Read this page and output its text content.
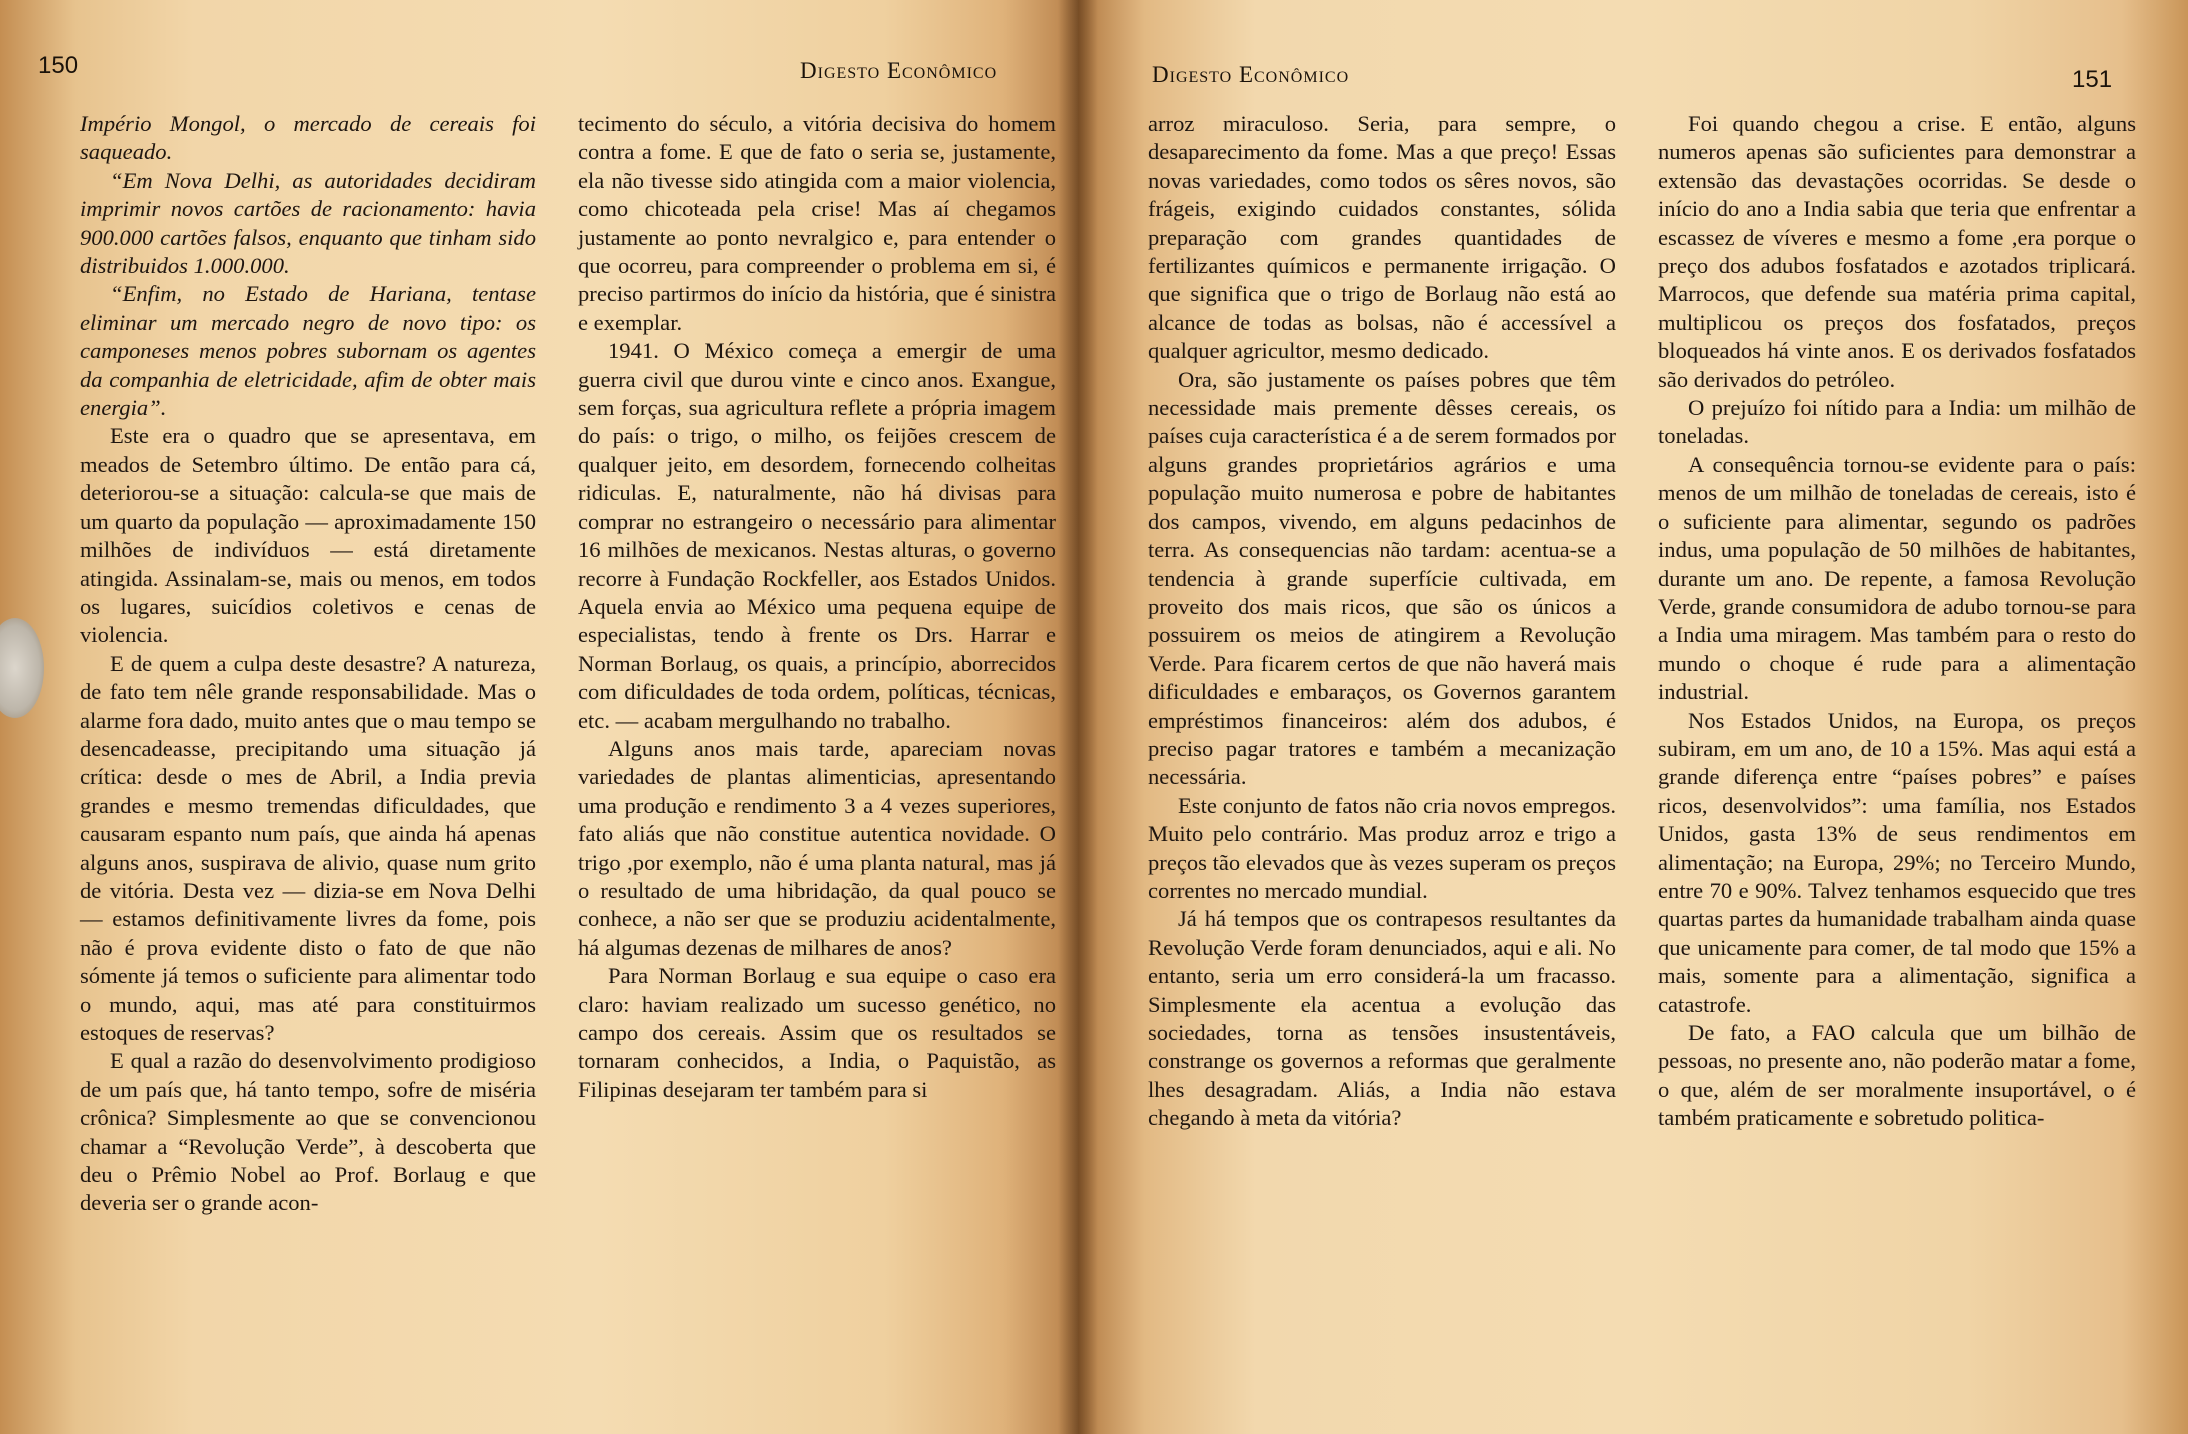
150	Digesto Econômico

Império Mongol, o mercado de cereais foi saqueado.

“Em Nova Delhi, as autoridades decidiram imprimir novos cartões de racionamento: havia 900.000 cartões falsos, enquanto que tinham sido distribuidos 1.000.000.

“Enfim, no Estado de Hariana, tentase eliminar um mercado negro de novo tipo: os camponeses menos pobres subornam os agentes da companhia de eletricidade, afim de obter mais energia”.

Este era o quadro que se apresentava, em meados de Setembro último. De então para cá, deteriorou-se a situação: calcula-se que mais de um quarto da população — aproximadamente 150 milhões de indivíduos — está diretamente atingida. Assinalam-se, mais ou menos, em todos os lugares, suicídios coletivos e cenas de violencia.

E de quem a culpa deste desastre? A natureza, de fato tem nêle grande responsabilidade. Mas o alarme fora dado, muito antes que o mau tempo se desencadeasse, precipitando uma situação já crítica: desde o mes de Abril, a India previa grandes e mesmo tremendas dificuldades, que causaram espanto num país, que ainda há apenas alguns anos, suspirava de alivio, quase num grito de vitória. Desta vez — dizia-se em Nova Delhi — estamos definitivamente livres da fome, pois não é prova evidente disto o fato de que não sómente já temos o suficiente para alimentar todo o mundo, aqui, mas até para constituirmos estoques de reservas?

E qual a razão do desenvolvimento prodigioso de um país que, há tanto tempo, sofre de miséria crônica? Simplesmente ao que se convencionou chamar a “Revolução Verde”, à descoberta que deu o Prêmio Nobel ao Prof. Borlaug e que deveria ser o grande acon-

tecimento do século, a vitória decisiva do homem contra a fome. E que de fato o seria se, justamente, ela não tivesse sido atingida com a maior violencia, como chicoteada pela crise! Mas aí chegamos justamente ao ponto nevralgico e, para entender o que ocorreu, para compreender o problema em si, é preciso partirmos do início da história, que é sinistra e exemplar.

1941. O México começa a emergir de uma guerra civil que durou vinte e cinco anos. Exangue, sem forças, sua agricultura reflete a própria imagem do país: o trigo, o milho, os feijões crescem de qualquer jeito, em desordem, fornecendo colheitas ridiculas. E, naturalmente, não há divisas para comprar no estrangeiro o necessário para alimentar 16 milhões de mexicanos. Nestas alturas, o governo recorre à Fundação Rockfeller, aos Estados Unidos. Aquela envia ao México uma pequena equipe de especialistas, tendo à frente os Drs. Harrar e Norman Borlaug, os quais, a princípio, aborrecidos com dificuldades de toda ordem, políticas, técnicas, etc. — acabam mergulhando no trabalho.

Alguns anos mais tarde, apareciam novas variedades de plantas alimenticias, apresentando uma produção e rendimento 3 a 4 vezes superiores, fato aliás que não constitue autentica novidade. O trigo ,por exemplo, não é uma planta natural, mas já o resultado de uma hibridação, da qual pouco se conhece, a não ser que se produziu acidentalmente, há algumas dezenas de milhares de anos?

Para Norman Borlaug e sua equipe o caso era claro: haviam realizado um sucesso genético, no campo dos cereais. Assim que os resultados se tornaram conhecidos, a India, o Paquistão, as Filipinas desejaram ter também para si

Digesto Econômico	151

arroz miraculoso. Seria, para sempre, o desaparecimento da fome. Mas a que preço! Essas novas variedades, como todos os sêres novos, são frágeis, exigindo cuidados constantes, sólida preparação com grandes quantidades de fertilizantes químicos e permanente irrigação. O que significa que o trigo de Borlaug não está ao alcance de todas as bolsas, não é accessível a qualquer agricultor, mesmo dedicado.

Ora, são justamente os países pobres que têm necessidade mais premente dêsses cereais, os países cuja característica é a de serem formados por alguns grandes proprietários agrários e uma população muito numerosa e pobre de habitantes dos campos, vivendo, em alguns pedacinhos de terra. As consequencias não tardam: acentua-se a tendencia à grande superfície cultivada, em proveito dos mais ricos, que são os únicos a possuirem os meios de atingirem a Revolução Verde. Para ficarem certos de que não haverá mais dificuldades e embaraços, os Governos garantem empréstimos financeiros: além dos adubos, é preciso pagar tratores e também a mecanização necessária.

Este conjunto de fatos não cria novos empregos. Muito pelo contrário. Mas produz arroz e trigo a preços tão elevados que às vezes superam os preços correntes no mercado mundial.

Já há tempos que os contrapesos resultantes da Revolução Verde foram denunciados, aqui e ali. No entanto, seria um erro considerá-la um fracasso. Simplesmente ela acentua a evolução das sociedades, torna as tensões insustentáveis, constrange os governos a reformas que geralmente lhes desagradam. Aliás, a India não estava chegando à meta da vitória?

Foi quando chegou a crise. E então, alguns numeros apenas são suficientes para demonstrar a extensão das devastações ocorridas. Se desde o início do ano a India sabia que teria que enfrentar a escassez de víveres e mesmo a fome ,era porque o preço dos adubos fosfatados e azotados triplicará. Marrocos, que defende sua matéria prima capital, multiplicou os preços dos fosfatados, preços bloqueados há vinte anos. E os derivados fosfatados são derivados do petróleo.

O prejuízo foi nítido para a India: um milhão de toneladas.

A consequência tornou-se evidente para o país: menos de um milhão de toneladas de cereais, isto é o suficiente para alimentar, segundo os padrões indus, uma população de 50 milhões de habitantes, durante um ano. De repente, a famosa Revolução Verde, grande consumidora de adubo tornou-se para a India uma miragem. Mas também para o resto do mundo o choque é rude para a alimentação industrial.

Nos Estados Unidos, na Europa, os preços subiram, em um ano, de 10 a 15%. Mas aqui está a grande diferença entre “países pobres” e países ricos, desenvolvidos”: uma família, nos Estados Unidos, gasta 13% de seus rendimentos em alimentação; na Europa, 29%; no Terceiro Mundo, entre 70 e 90%. Talvez tenhamos esquecido que tres quartas partes da humanidade trabalham ainda quase que unicamente para comer, de tal modo que 15% a mais, somente para a alimentação, significa a catastrofe.

De fato, a FAO calcula que um bilhão de pessoas, no presente ano, não poderão matar a fome, o que, além de ser moralmente insuportável, o é também praticamente e sobretudo politica-
